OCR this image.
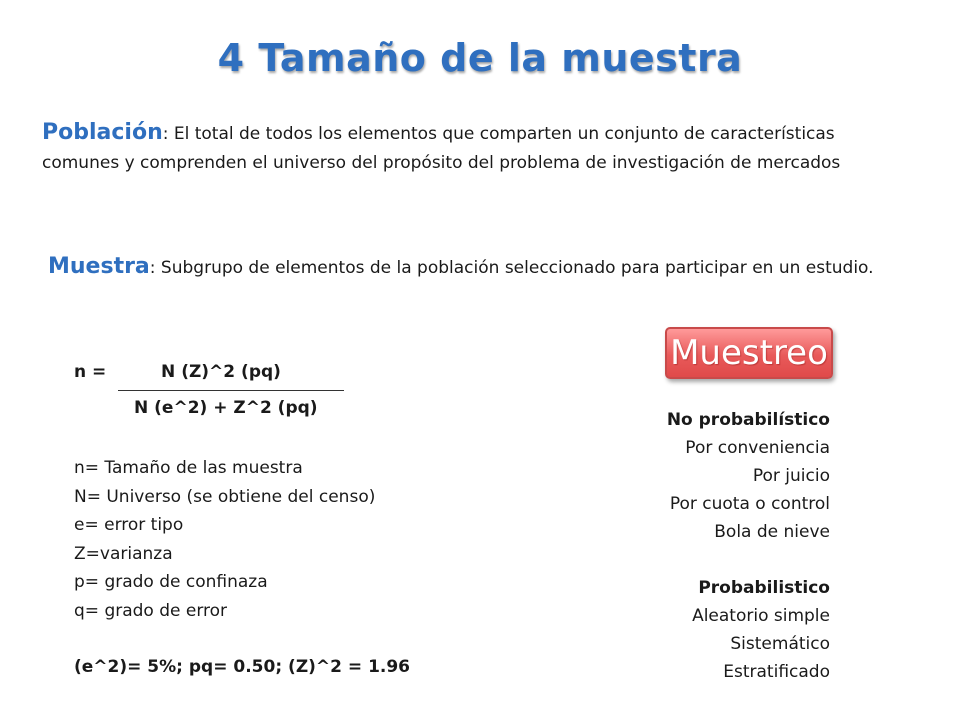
4 Tamaño de la muestra
Población: El total de todos los elementos que comparten un conjunto de características comunes y comprenden el universo del propósito del problema de investigación de mercados
Muestra: Subgrupo de elementos de la población seleccionado para participar en un estudio.
n =	N (Z)^2 (pq)
N (e^2) + Z^2 (pq)
n= Tamaño de las muestra
N= Universo (se obtiene del censo)
e= error tipo
Z=varianza
p= grado de confinaza
q= grado de error
(e^2)= 5%; pq= 0.50; (Z)^2 = 1.96
Muestreo
No probabilístico
Por conveniencia
Por juicio
Por cuota o control
Bola de nieve
Probabilistico
Aleatorio simple
Sistemático
Estratificado
